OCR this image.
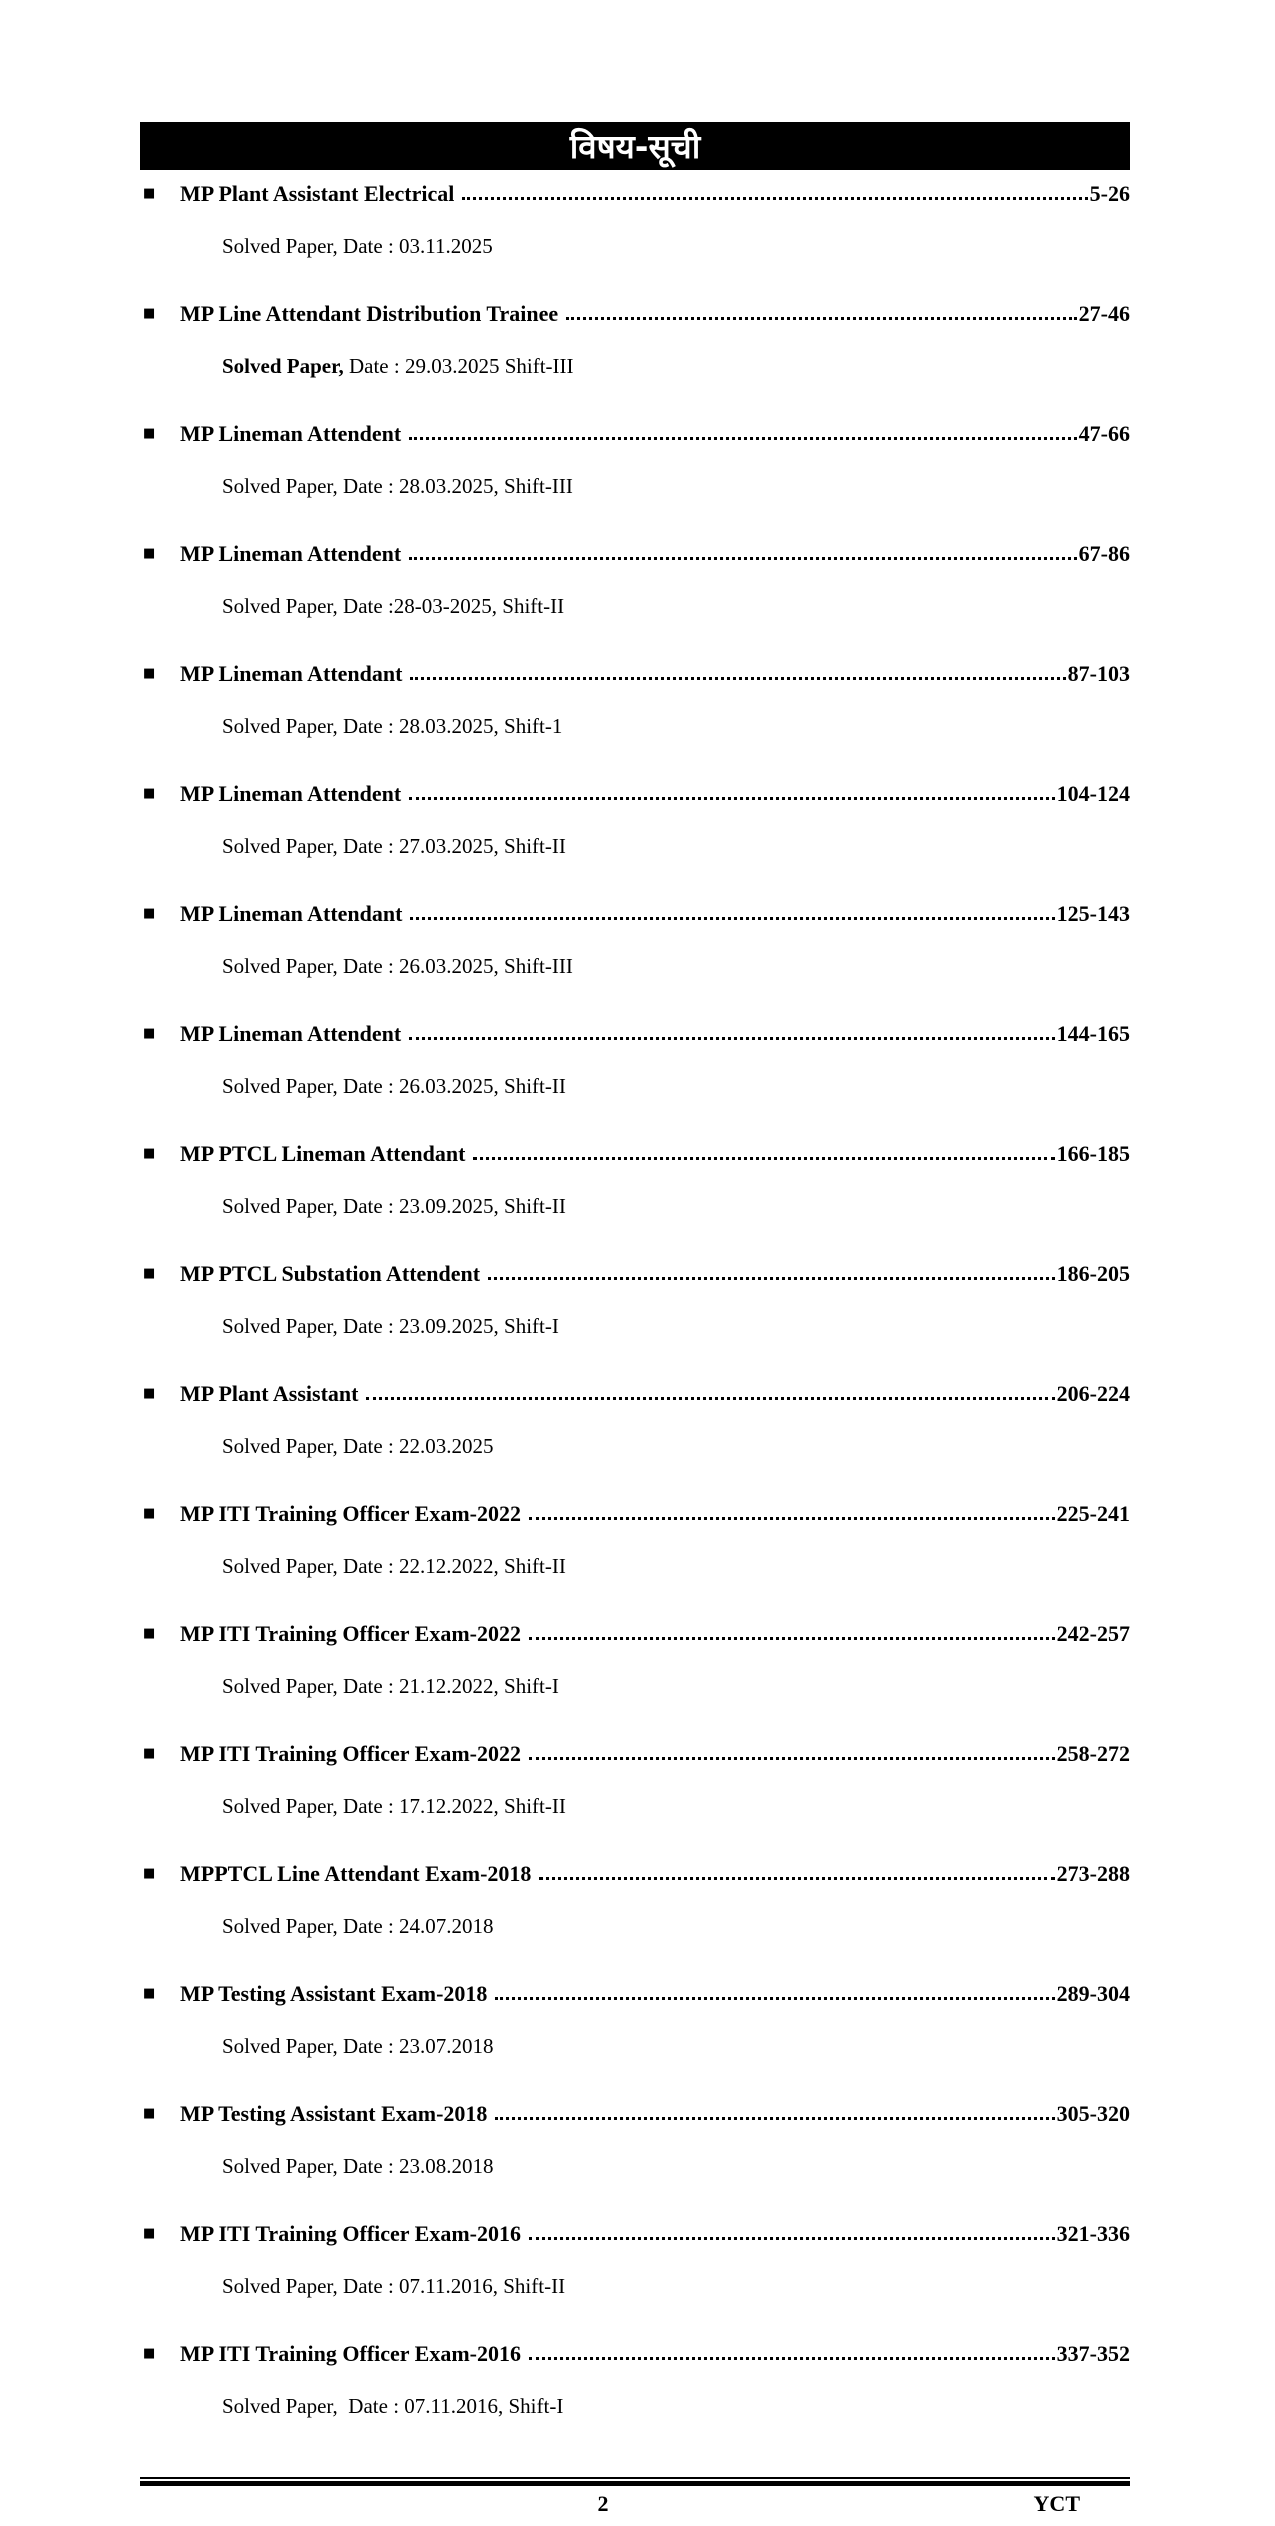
विषय-सूची
■	MP Plant Assistant Electrical	5-26

Solved Paper, Date : 03.11.2025

■	MP Line Attendant Distribution Trainee	27-46

Solved Paper, Date : 29.03.2025 Shift-III

■	MP Lineman Attendent	47-66

Solved Paper, Date : 28.03.2025, Shift-III

■	MP Lineman Attendent	67-86

Solved Paper, Date :28-03-2025, Shift-II

■	MP Lineman Attendant	87-103

Solved Paper, Date : 28.03.2025, Shift-1

■	MP Lineman Attendent	104-124

Solved Paper, Date : 27.03.2025, Shift-II

■	MP Lineman Attendant	125-143

Solved Paper, Date : 26.03.2025, Shift-III

■	MP Lineman Attendent	144-165

Solved Paper, Date : 26.03.2025, Shift-II

■	MP PTCL Lineman Attendant	166-185

Solved Paper, Date : 23.09.2025, Shift-II

■	MP PTCL Substation Attendent	186-205

Solved Paper, Date : 23.09.2025, Shift-I

■	MP Plant Assistant	206-224

Solved Paper, Date : 22.03.2025

■	MP ITI Training Officer Exam-2022	225-241

Solved Paper, Date : 22.12.2022, Shift-II

■	MP ITI Training Officer Exam-2022	242-257

Solved Paper, Date : 21.12.2022, Shift-I

■	MP ITI Training Officer Exam-2022	258-272

Solved Paper, Date : 17.12.2022, Shift-II

■	MPPTCL Line Attendant Exam-2018	273-288

Solved Paper, Date : 24.07.2018

■	MP Testing Assistant Exam-2018	289-304

Solved Paper, Date : 23.07.2018

■	MP Testing Assistant Exam-2018	305-320

Solved Paper, Date : 23.08.2018

■	MP ITI Training Officer Exam-2016	321-336

Solved Paper, Date : 07.11.2016, Shift-II

■	MP ITI Training Officer Exam-2016	337-352

Solved Paper,  Date : 07.11.2016, Shift-I

2	YCT
